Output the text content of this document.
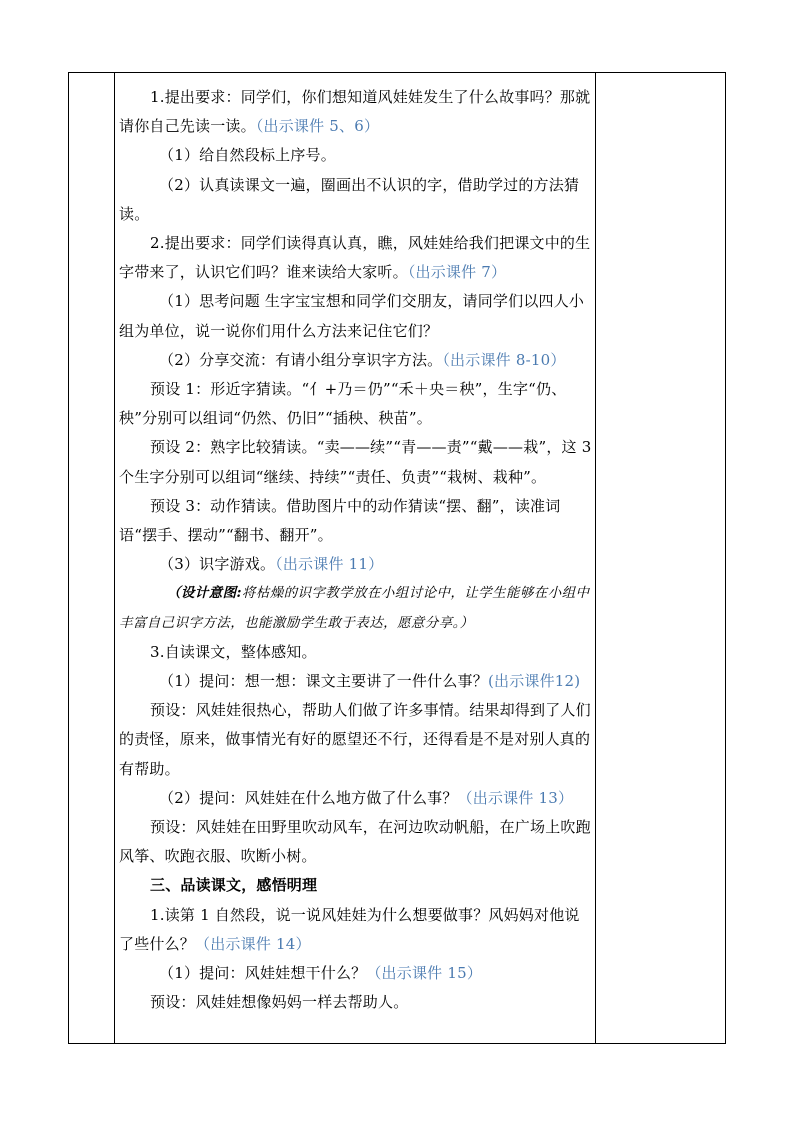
1.提出要求：同学们，你们想知道风娃娃发生了什么故事吗？那就请你自己先读一读。（出示课件 5、6）

（1）给自然段标上序号。

（2）认真读课文一遍，圈画出不认识的字，借助学过的方法猜读。

2.提出要求：同学们读得真认真，瞧，风娃娃给我们把课文中的生字带来了，认识它们吗？谁来读给大家听。（出示课件 7）

（1）思考问题 生字宝宝想和同学们交朋友，请同学们以四人小组为单位，说一说你们用什么方法来记住它们？

（2）分享交流：有请小组分享识字方法。（出示课件 8-10）

预设 1：形近字猜读。“亻+乃＝仍”“禾＋央＝秧”，生字“仍、秧”分别可以组词“仍然、仍旧”“插秧、秧苗”。

预设 2：熟字比较猜读。“卖——续”“青——责”“戴——栽”，这 3 个生字分别可以组词“继续、持续”“责任、负责”“栽树、栽种”。

预设 3：动作猜读。借助图片中的动作猜读“摆、翻”，读准词语“摆手、摆动”“翻书、翻开”。

（3）识字游戏。（出示课件 11）

（设计意图:将枯燥的识字教学放在小组讨论中，让学生能够在小组中丰富自己识字方法，也能激励学生敢于表达，愿意分享。）

3.自读课文，整体感知。

（1）提问：想一想：课文主要讲了一件什么事？(出示课件12)

预设：风娃娃很热心，帮助人们做了许多事情。结果却得到了人们的责怪，原来，做事情光有好的愿望还不行，还得看是不是对别人真的有帮助。

（2）提问：风娃娃在什么地方做了什么事？（出示课件 13）

预设：风娃娃在田野里吹动风车，在河边吹动帆船，在广场上吹跑风筝、吹跑衣服、吹断小树。

三、品读课文，感悟明理

1.读第 1 自然段，说一说风娃娃为什么想要做事？风妈妈对他说了些什么？（出示课件 14）

（1）提问：风娃娃想干什么？（出示课件 15）

预设：风娃娃想像妈妈一样去帮助人。
